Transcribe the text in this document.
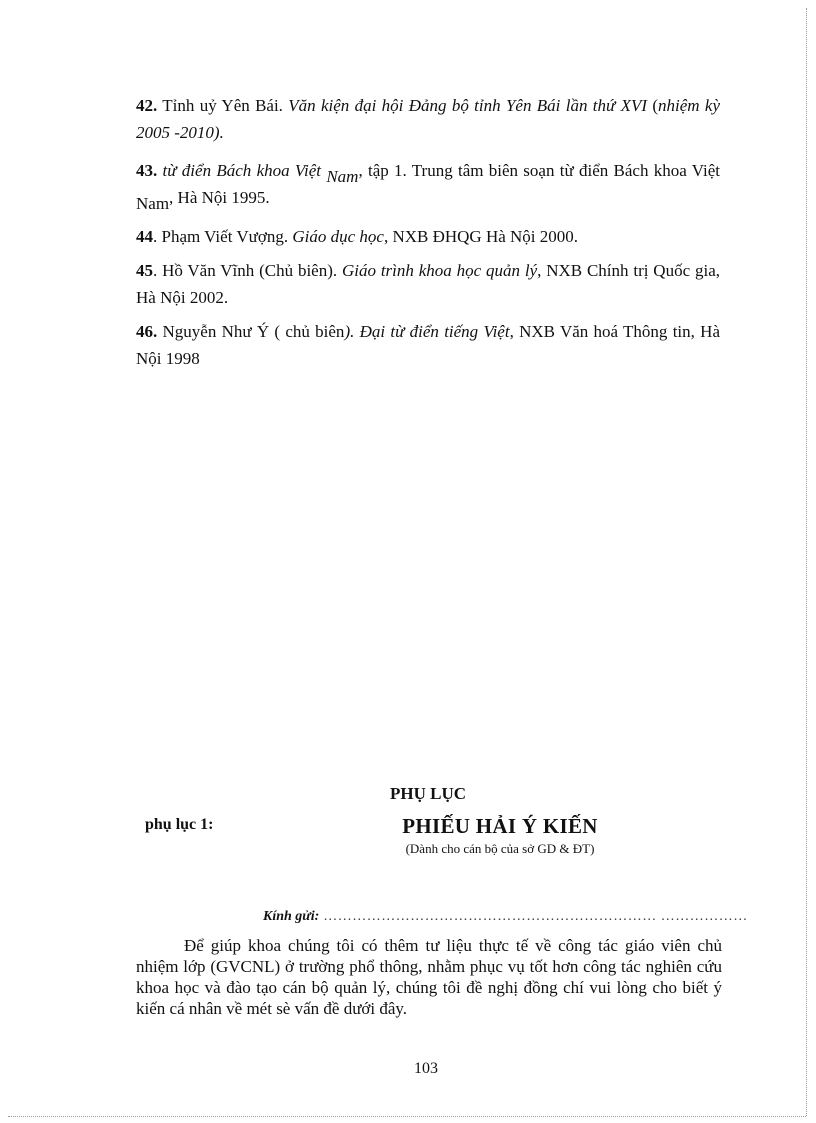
42. Tỉnh uỷ Yên Bái. Văn kiện đại hội Đảng bộ tỉnh Yên Bái lần thứ XVI (nhiệm kỳ 2005 -2010).
43. từ điển Bách khoa Việt Nam, tập 1. Trung tâm biên soạn từ điển Bách khoa Việt Nam, Hà Nội 1995.
44. Phạm Viết Vượng. Giáo dục học, NXB ĐHQG Hà Nội 2000.
45. Hồ Văn Vĩnh (Chủ biên). Giáo trình khoa học quản lý, NXB Chính trị Quốc gia, Hà Nội 2002.
46. Nguyễn Như Ý ( chủ biên). Đại từ điển tiếng Việt, NXB Văn hoá Thông tin, Hà Nội 1998
PHỤ LỤC
phụ lục 1:	PHIẾU HẢI Ý KIẾN
(Dành cho cán bộ của sở GD & ĐT)
Kính gửi: …………………………………………………………… ………………
Để giúp khoa chúng tôi có thêm tư liệu thực tế về công tác giáo viên chủ nhiệm lớp (GVCNL) ở trường phổ thông, nhằm phục vụ tốt hơn công tác nghiên cứu khoa học và đào tạo cán bộ quản lý, chúng tôi đề nghị đồng chí vui lòng cho biết ý kiến cá nhân về mét sè vấn đề dưới đây.
103
